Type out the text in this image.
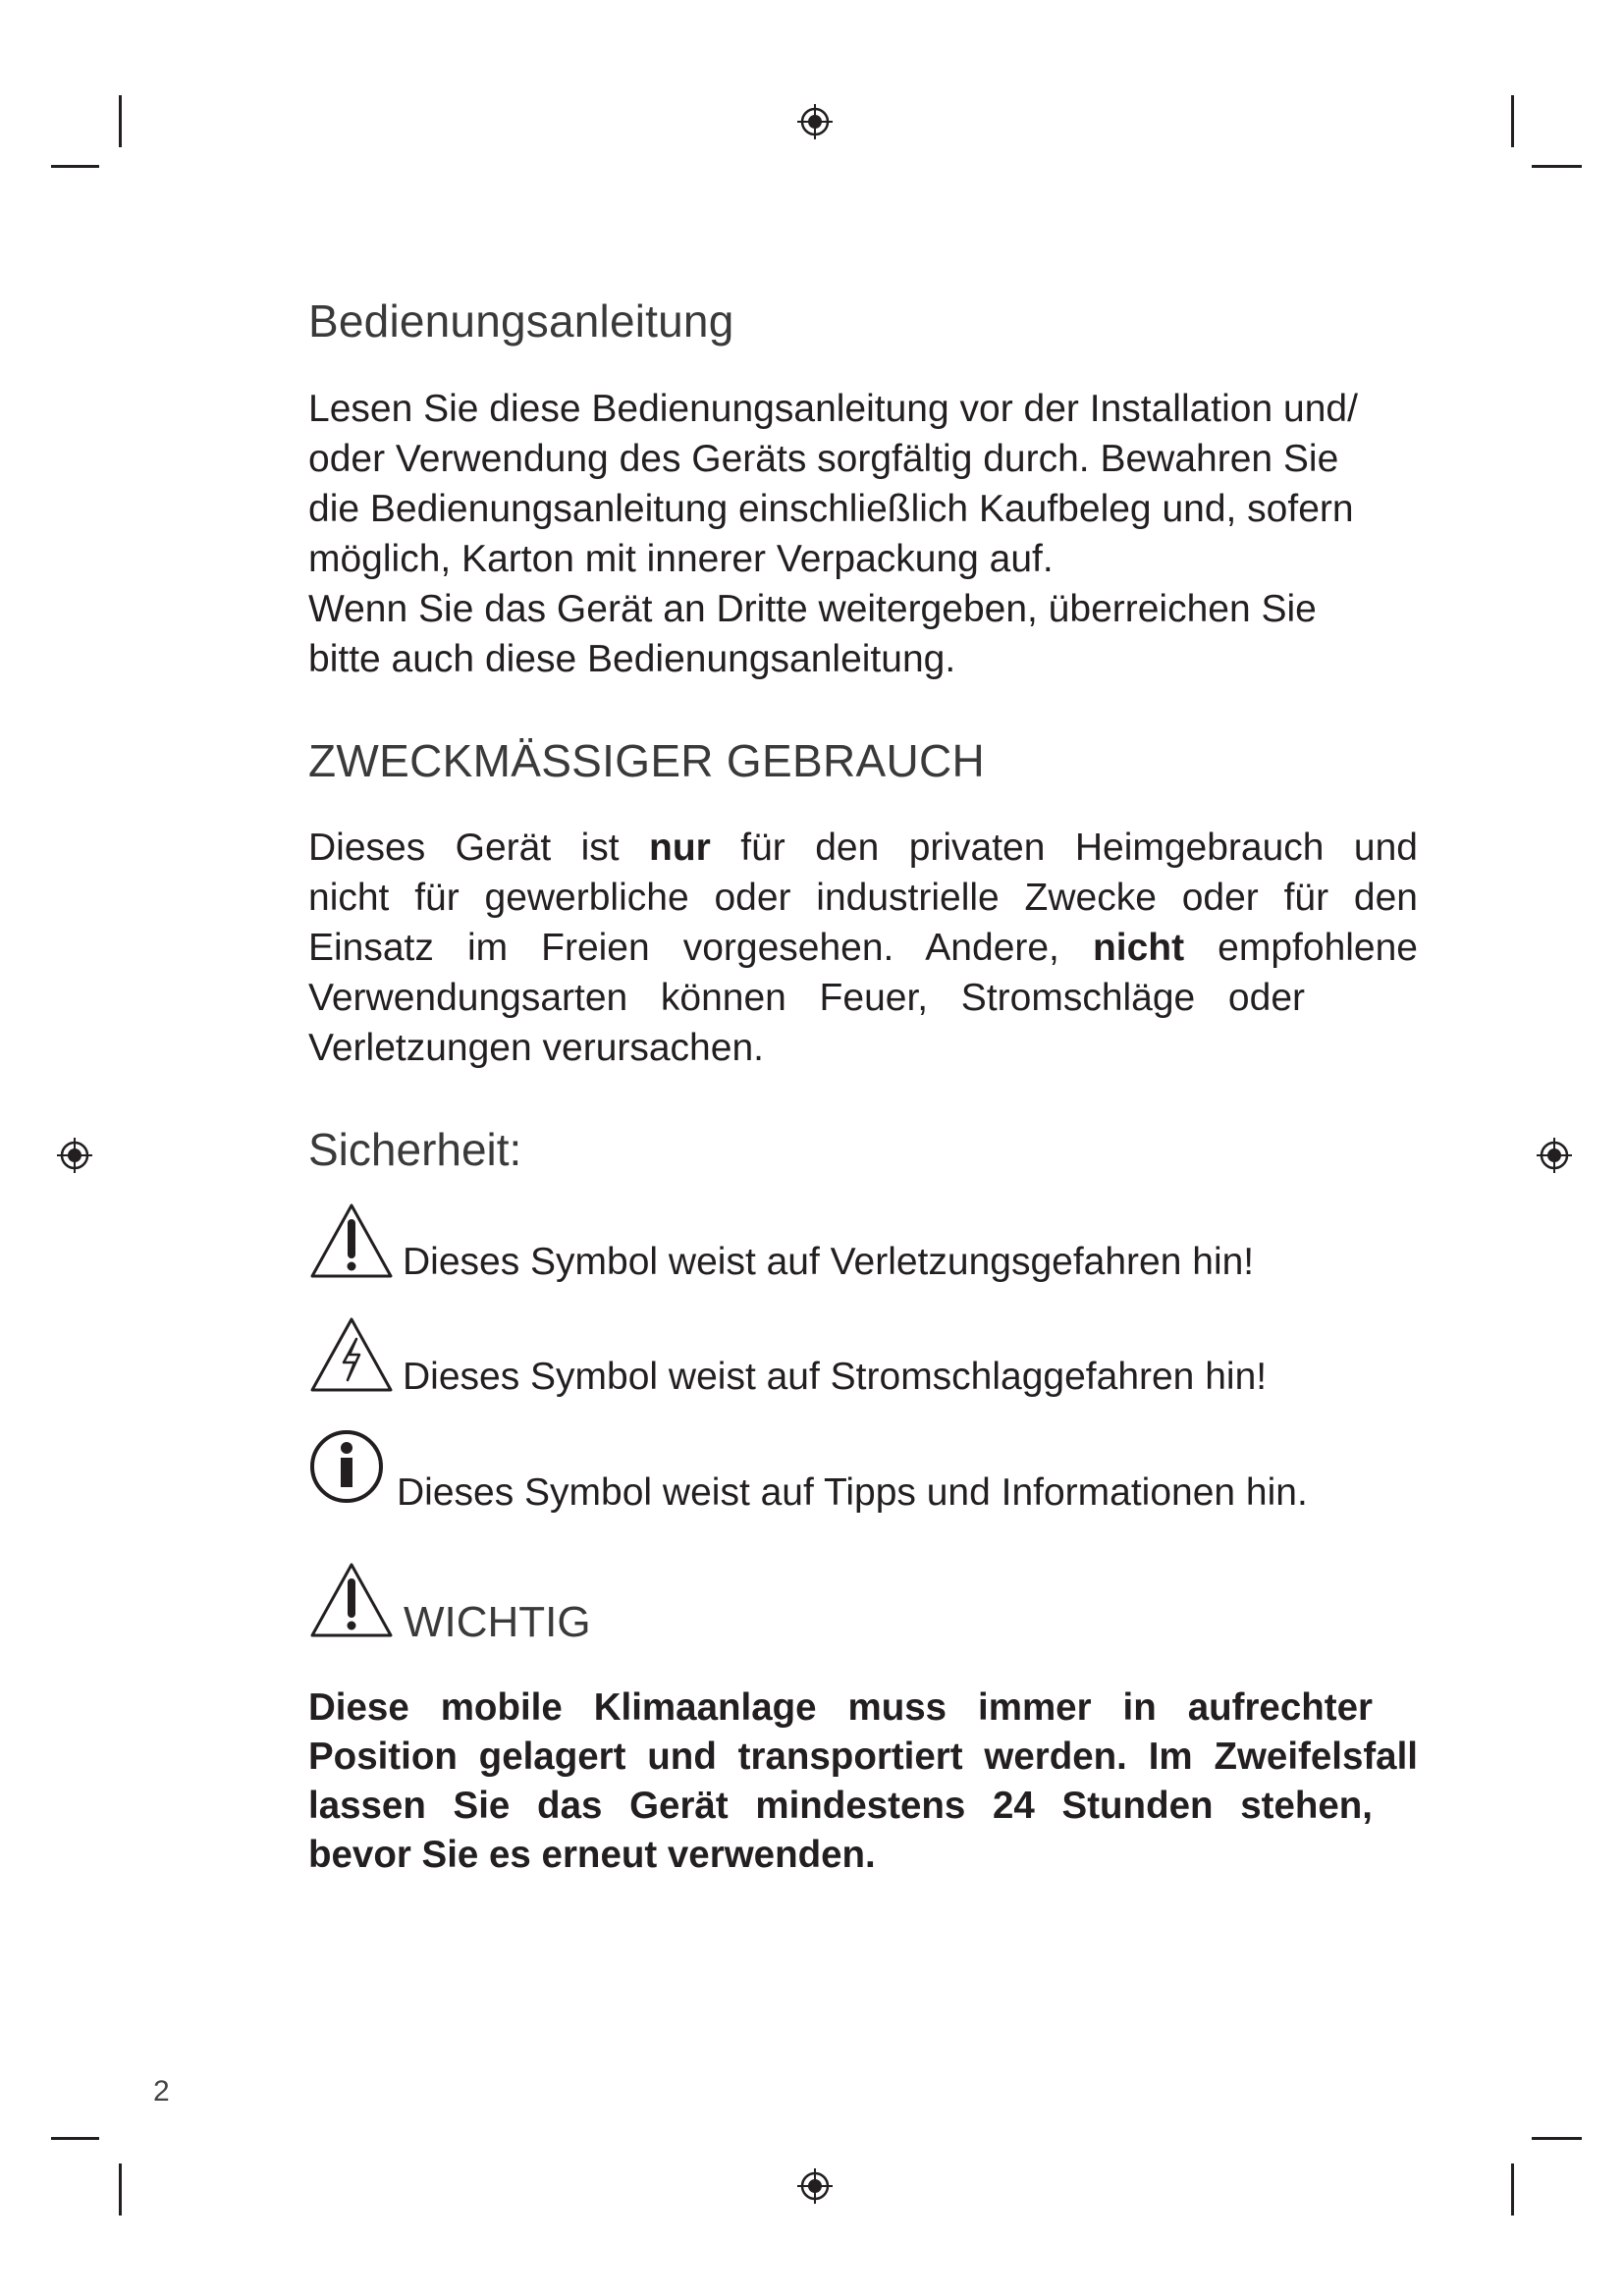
Bedienungsanleitung

Lesen Sie diese Bedienungsanleitung vor der Installation und/
oder Verwendung des Geräts sorgfältig durch. Bewahren Sie
die Bedienungsanleitung einschließlich Kaufbeleg und, sofern
möglich, Karton mit innerer Verpackung auf.
Wenn Sie das Gerät an Dritte weitergeben, überreichen Sie
bitte auch diese Bedienungsanleitung.

ZWECKMÄSSIGER GEBRAUCH

Dieses Gerät ist nur für den privaten Heimgebrauch und
nicht für gewerbliche oder industrielle Zwecke oder für den
Einsatz im Freien vorgesehen. Andere, nicht empfohlene
Verwendungsarten können Feuer, Stromschläge oder
Verletzungen verursachen.

Sicherheit:
Dieses Symbol weist auf Verletzungsgefahren hin!
Dieses Symbol weist auf Stromschlaggefahren hin!
Dieses Symbol weist auf Tipps und Informationen hin.
WICHTIG

Diese mobile Klimaanlage muss immer in aufrechter
Position gelagert und transportiert werden. Im Zweifelsfall
lassen Sie das Gerät mindestens 24 Stunden stehen,
bevor Sie es erneut verwenden.

2
